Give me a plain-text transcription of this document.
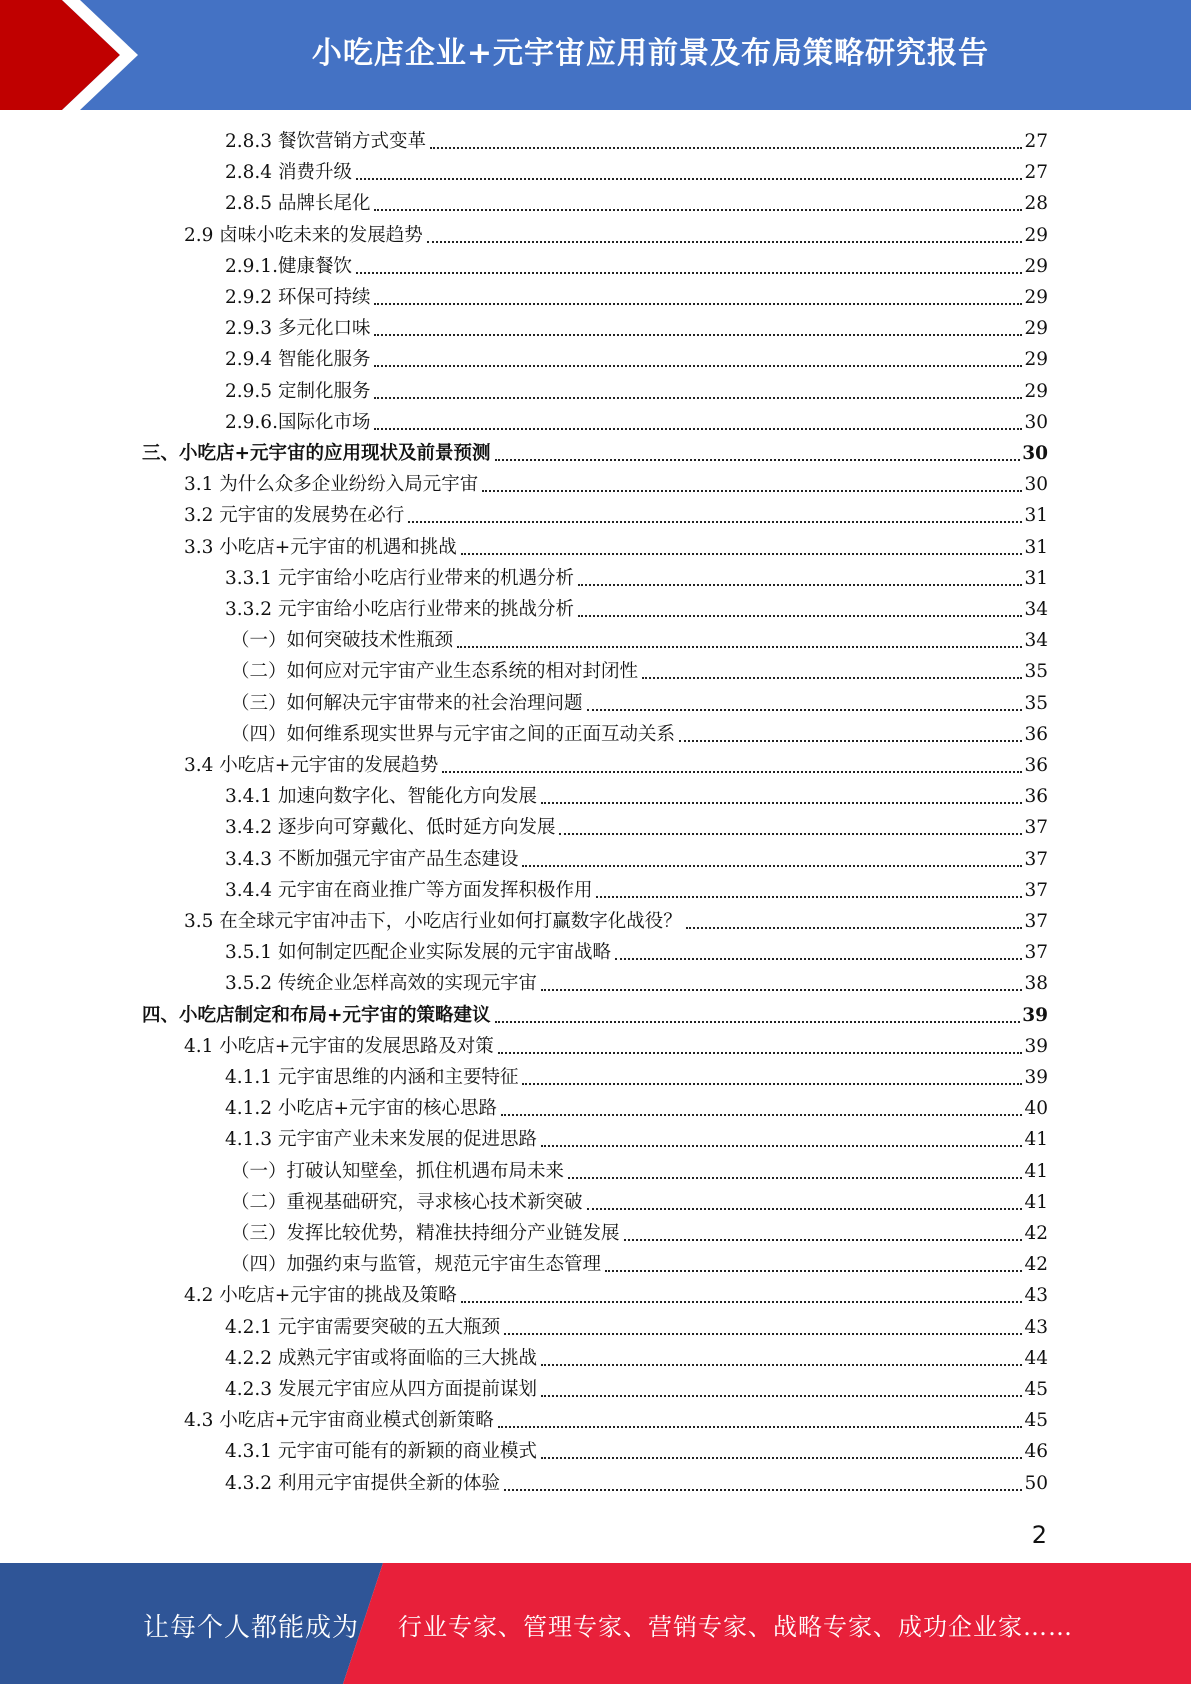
小吃店企业+元宇宙应用前景及布局策略研究报告
2.8.3 餐饮营销方式变革	27
2.8.4 消费升级	27
2.8.5 品牌长尾化	28
2.9 卤味小吃未来的发展趋势	29
2.9.1.健康餐饮	29
2.9.2 环保可持续	29
2.9.3 多元化口味	29
2.9.4 智能化服务	29
2.9.5 定制化服务	29
2.9.6.国际化市场	30
三、小吃店+元宇宙的应用现状及前景预测	30
3.1 为什么众多企业纷纷入局元宇宙	30
3.2 元宇宙的发展势在必行	31
3.3 小吃店+元宇宙的机遇和挑战	31
3.3.1 元宇宙给小吃店行业带来的机遇分析	31
3.3.2 元宇宙给小吃店行业带来的挑战分析	34
（一）如何突破技术性瓶颈	34
（二）如何应对元宇宙产业生态系统的相对封闭性	35
（三）如何解决元宇宙带来的社会治理问题	35
（四）如何维系现实世界与元宇宙之间的正面互动关系	36
3.4 小吃店+元宇宙的发展趋势	36
3.4.1 加速向数字化、智能化方向发展	36
3.4.2 逐步向可穿戴化、低时延方向发展	37
3.4.3 不断加强元宇宙产品生态建设	37
3.4.4 元宇宙在商业推广等方面发挥积极作用	37
3.5 在全球元宇宙冲击下，小吃店行业如何打赢数字化战役？	37
3.5.1 如何制定匹配企业实际发展的元宇宙战略	37
3.5.2 传统企业怎样高效的实现元宇宙	38
四、小吃店制定和布局+元宇宙的策略建议	39
4.1 小吃店+元宇宙的发展思路及对策	39
4.1.1 元宇宙思维的内涵和主要特征	39
4.1.2 小吃店+元宇宙的核心思路	40
4.1.3 元宇宙产业未来发展的促进思路	41
（一）打破认知壁垒，抓住机遇布局未来	41
（二）重视基础研究，寻求核心技术新突破	41
（三）发挥比较优势，精准扶持细分产业链发展	42
（四）加强约束与监管，规范元宇宙生态管理	42
4.2 小吃店+元宇宙的挑战及策略	43
4.2.1 元宇宙需要突破的五大瓶颈	43
4.2.2 成熟元宇宙或将面临的三大挑战	44
4.2.3 发展元宇宙应从四方面提前谋划	45
4.3 小吃店+元宇宙商业模式创新策略	45
4.3.1 元宇宙可能有的新颖的商业模式	46
4.3.2 利用元宇宙提供全新的体验	50
2
让每个人都能成为 行业专家、管理专家、营销专家、战略专家、成功企业家……
